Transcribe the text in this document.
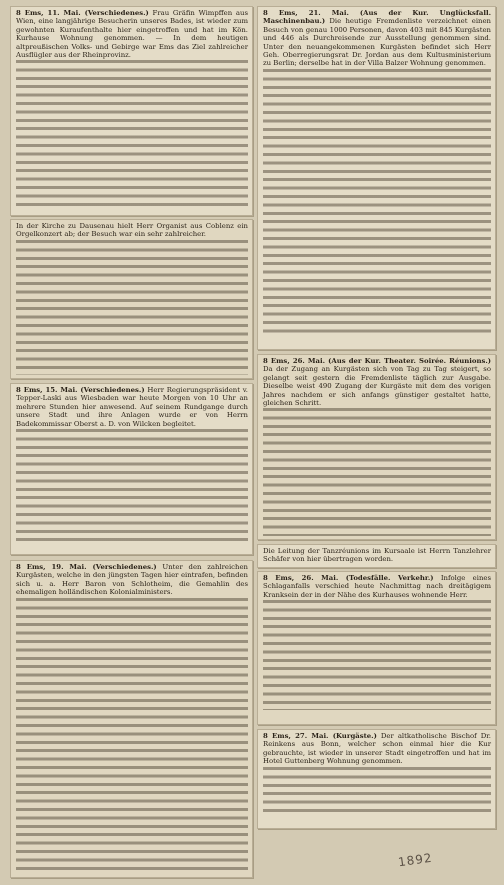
8 Ems, 11. Mai. (Verschiedenes.) Frau Gräfin Wimpffen aus Wien, eine langjährige Besucherin unseres Bades, ist wieder zum gewohnten Kuraufenthalte hier eingetroffen und hat im Kön. Kurhause Wohnung genommen. — In dem heutigen altpreußischen Volks- und Gebirge war Ems das Ziel zahlreicher Ausflügler aus der Rheinprovinz.

In der Kirche zu Dausenau hielt Herr Organist aus Coblenz ein Orgelkonzert ab; der Besuch war ein sehr zahlreicher.

8 Ems, 15. Mai. (Verschiedenes.) Herr Regierungspräsident v. Tepper-Laski aus Wiesbaden war heute Morgen von 10 Uhr an mehrere Stunden hier anwesend. Auf seinem Rundgange durch unsere Stadt und ihre Anlagen wurde er von Herrn Badekommissar Oberst a. D. von Wilcken begleitet.

8 Ems, 19. Mai. (Verschiedenes.) Unter den zahlreichen Kurgästen, welche in den jüngsten Tagen hier eintrafen, befinden sich u. a. Herr Baron von Schlotheim, die Gemahlin des ehemaligen holländischen Kolonialministers.

8 Ems, 21. Mai. (Aus der Kur. Unglücksfall. Maschinenbau.) Die heutige Fremdenliste verzeichnet einen Besuch von genau 1000 Personen, davon 403 mit 845 Kurgästen und 446 als Durchreisende zur Ausstellung genommen sind. Unter den neuangekommenen Kurgästen befindet sich Herr Geh. Oberregierungsrat Dr. Jordan aus dem Kultusministerium zu Berlin; derselbe hat in der Villa Balzer Wohnung genommen.

8 Ems, 26. Mai. (Aus der Kur. Theater. Soirée. Réunions.) Da der Zugang an Kurgästen sich von Tag zu Tag steigert, so gelangt seit gestern die Fremdenliste täglich zur Ausgabe. Dieselbe weist 490 Zugang der Kurgäste mit dem des vorigen Jahres nachdem er sich anfangs günstiger gestaltet hatte, gleichen Schritt.

Die Leitung der Tanzréunions im Kursaale ist Herrn Tanzlehrer Schäfer von hier übertragen worden.

8 Ems, 26. Mai. (Todesfälle. Verkehr.) Infolge eines Schlaganfalls verschied heute Nachmittag nach dreitägigem Kranksein der in der Nähe des Kurhauses wohnende Herr.

8 Ems, 27. Mai. (Kurgäste.) Der altkatholische Bischof Dr. Reinkens aus Bonn, welcher schon einmal hier die Kur gebrauchte, ist wieder in unserer Stadt eingetroffen und hat im Hotel Guttenberg Wohnung genommen.

1892
